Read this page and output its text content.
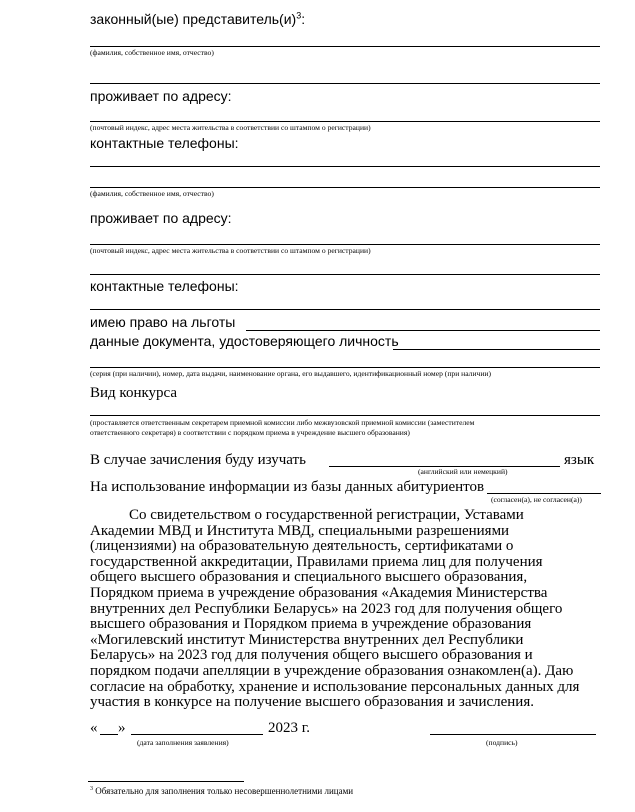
законный(ые) $представитель(и)^3$:
(фамилия, собственное имя, отчество)
проживает по адресу:
(почтовый индекс, адрес места жительства в соответствии со штампом о регистрации)
контактные телефоны:
(фамилия, собственное имя, отчество)
проживает по адресу:
(почтовый индекс, адрес места жительства в соответствии со штампом о регистрации)
контактные телефоны:
имею право на льготы
данные документа, удостоверяющего личность
(серия (при наличии), номер, дата выдачи, наименование органа, его выдавшего, идентификационный номер (при наличии)
Вид конкурса
(проставляется ответственным секретарем приемной комиссии либо межвузовской приемной комиссии (заместителем
ответственного секретаря) в соответствии с порядком приема в учреждение высшего образования)
В случае зачисления буду изучать	язык
(английский или немецкий)
На использование информации из базы данных абитуриентов
(согласен(а), не согласен(а))
Со свидетельством о государственной регистрации, Уставами
Академии МВД и Института МВД, специальными разрешениями
(лицензиями) на образовательную деятельность, сертификатами о
государственной аккредитации, Правилами приема лиц для получения
общего высшего образования и специального высшего образования,
Порядком приема в учреждение образования «Академия Министерства
внутренних дел Республики Беларусь» на 2023 год для получения общего
высшего образования и Порядком приема в учреждение образования
«Могилевский институт Министерства внутренних дел Республики
Беларусь» на 2023 год для получения общего высшего образования и
порядком подачи апелляции в учреждение образования ознакомлен(а). Даю
согласие на обработку, хранение и использование персональных данных для
участия в конкурсе на получение высшего образования и зачисления.
« »	2023 г.
(дата заполнения заявления)	(подпись)
$^3$ Обязательно для заполнения только несовершеннолетними лицами
